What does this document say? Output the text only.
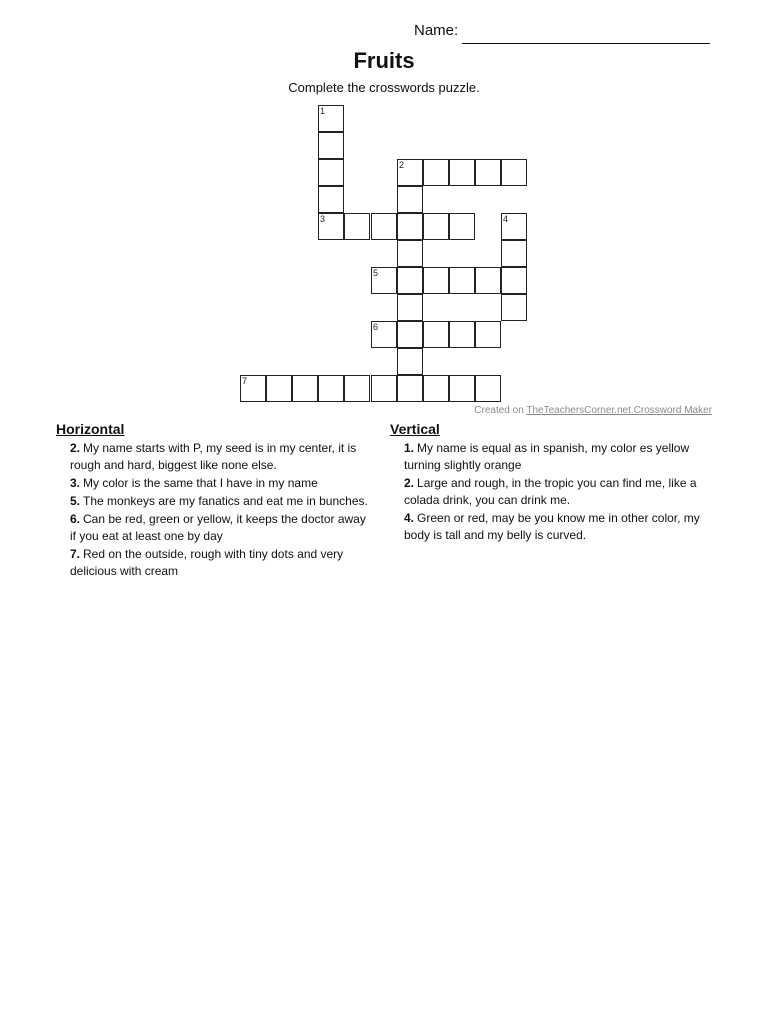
Name:
Fruits
Complete the crosswords puzzle.
1
3
2
4
5
6
7
Created on TheTeachersCorner.net Crossword Maker
Horizontal
2. My name starts with P, my seed is in my center, it is rough and hard, biggest like none else.
3. My color is the same that I have in my name
5. The monkeys are my fanatics and eat me in bunches.
6. Can be red, green or yellow, it keeps the doctor away if you eat at least one by day
7. Red on the outside, rough with tiny dots and very delicious with cream
Vertical
1. My name is equal as in spanish, my color es yellow turning slightly orange
2. Large and rough, in the tropic you can find me, like a colada drink, you can drink me.
4. Green or red, may be you know me in other color, my body is tall and my belly is curved.
